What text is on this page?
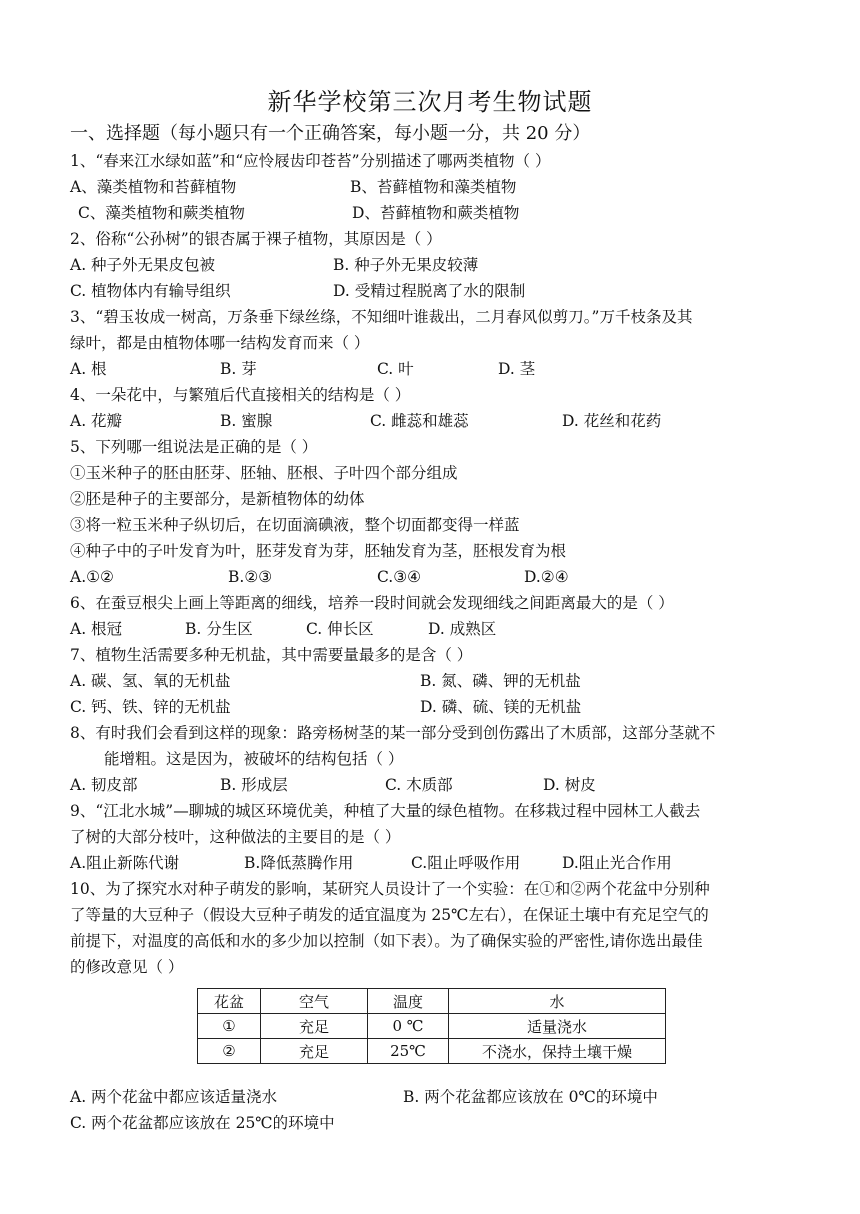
新华学校第三次月考生物试题
一、选择题（每小题只有一个正确答案，每小题一分，共 20 分）
1、“春来江水绿如蓝”和“应怜屐齿印苍苔”分别描述了哪两类植物（ ）
A、藻类植物和苔藓植物	B、苔藓植物和藻类植物
C、藻类植物和蕨类植物	D、苔藓植物和蕨类植物
2、俗称“公孙树”的银杏属于裸子植物，其原因是（ ）
A. 种子外无果皮包被	B. 种子外无果皮较薄
C. 植物体内有输导组织	D. 受精过程脱离了水的限制
3、“碧玉妆成一树高，万条垂下绿丝绦，不知细叶谁裁出，二月春风似剪刀。”万千枝条及其
绿叶，都是由植物体哪一结构发育而来（ ）
A. 根	B. 芽	C. 叶	D. 茎
4、一朵花中，与繁殖后代直接相关的结构是（ ）
A. 花瓣	B. 蜜腺	C. 雌蕊和雄蕊	D. 花丝和花药
5、下列哪一组说法是正确的是（ ）
①玉米种子的胚由胚芽、胚轴、胚根、子叶四个部分组成
②胚是种子的主要部分，是新植物体的幼体
③将一粒玉米种子纵切后，在切面滴碘液，整个切面都变得一样蓝
④种子中的子叶发育为叶，胚芽发育为芽，胚轴发育为茎，胚根发育为根
A.①②	B.②③	C.③④	D.②④
6、在蚕豆根尖上画上等距离的细线，培养一段时间就会发现细线之间距离最大的是（ ）
A. 根冠	B. 分生区	C. 伸长区	D. 成熟区
7、植物生活需要多种无机盐，其中需要量最多的是含（ ）
A. 碳、氢、氧的无机盐	B. 氮、磷、钾的无机盐
C. 钙、铁、锌的无机盐	D. 磷、硫、镁的无机盐
8、有时我们会看到这样的现象：路旁杨树茎的某一部分受到创伤露出了木质部，这部分茎就不
能增粗。这是因为，被破坏的结构包括（ ）
A. 韧皮部	B. 形成层	C. 木质部	D. 树皮
9、“江北水城”—聊城的城区环境优美，种植了大量的绿色植物。在移栽过程中园林工人截去
了树的大部分枝叶，这种做法的主要目的是（ ）
A.阻止新陈代谢	B.降低蒸腾作用	C.阻止呼吸作用	D.阻止光合作用
10、为了探究水对种子萌发的影响，某研究人员设计了一个实验：在①和②两个花盆中分别种
了等量的大豆种子（假设大豆种子萌发的适宜温度为 25℃左右），在保证土壤中有充足空气的
前提下，对温度的高低和水的多少加以控制（如下表）。为了确保实验的严密性,请你选出最佳
的修改意见（ ）
花盆	空气	温度	水
①	充足	0 ℃	适量浇水
②	充足	25℃	不浇水，保持土壤干燥
A. 两个花盆中都应该适量浇水	B. 两个花盆都应该放在 0℃的环境中
C. 两个花盆都应该放在 25℃的环境中
